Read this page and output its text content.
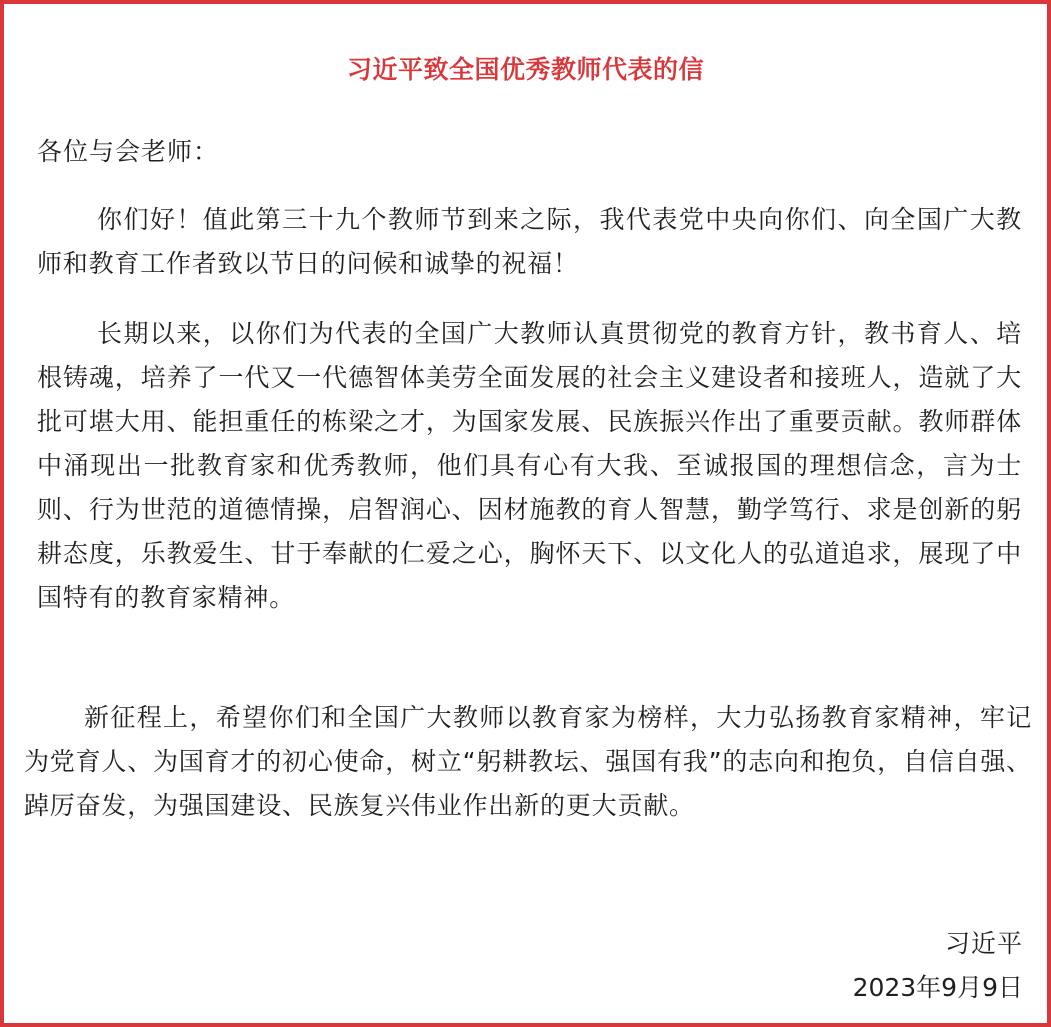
习近平致全国优秀教师代表的信
各位与会老师：

你们好！值此第三十九个教师节到来之际，我代表党中央向你们、向全国广大教师和教育工作者致以节日的问候和诚挚的祝福！

长期以来，以你们为代表的全国广大教师认真贯彻党的教育方针，教书育人、培根铸魂，培养了一代又一代德智体美劳全面发展的社会主义建设者和接班人，造就了大批可堪大用、能担重任的栋梁之才，为国家发展、民族振兴作出了重要贡献。教师群体中涌现出一批教育家和优秀教师，他们具有心有大我、至诚报国的理想信念，言为士则、行为世范的道德情操，启智润心、因材施教的育人智慧，勤学笃行、求是创新的躬耕态度，乐教爱生、甘于奉献的仁爱之心，胸怀天下、以文化人的弘道追求，展现了中国特有的教育家精神。

新征程上，希望你们和全国广大教师以教育家为榜样，大力弘扬教育家精神，牢记为党育人、为国育才的初心使命，树立“躬耕教坛、强国有我”的志向和抱负，自信自强、踔厉奋发，为强国建设、民族复兴伟业作出新的更大贡献。

习近平
2023年9月9日
